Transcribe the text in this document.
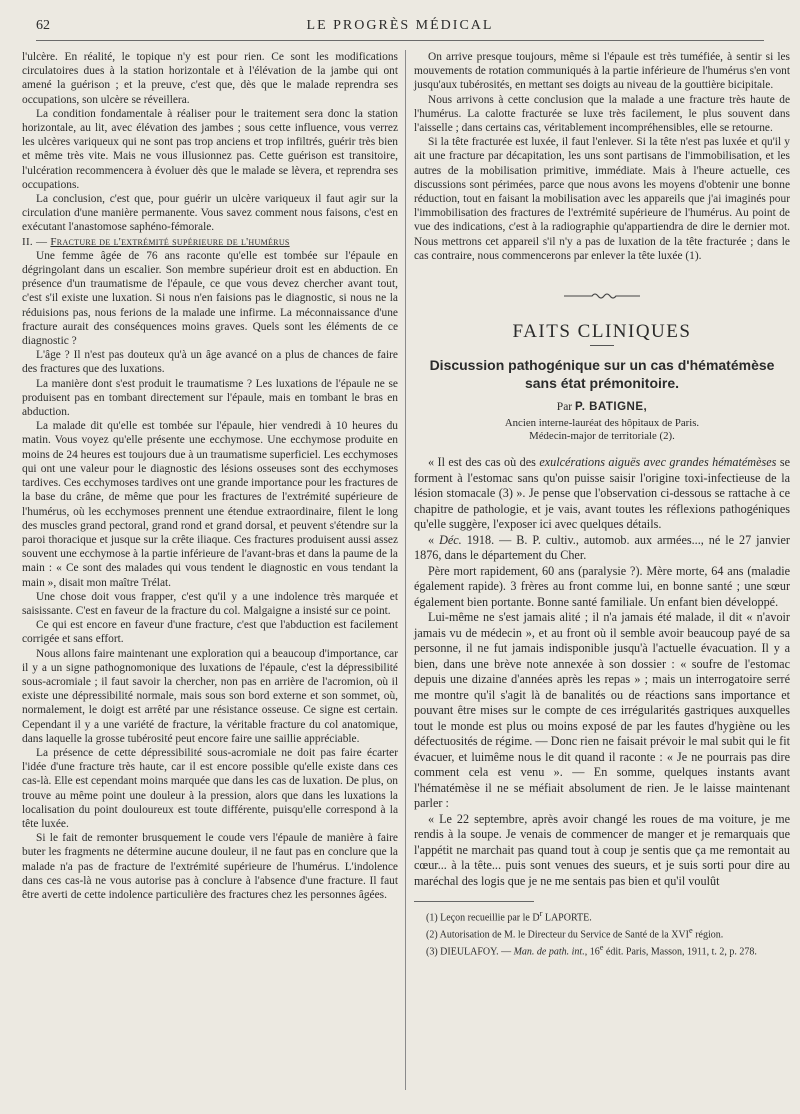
62	LE PROGRÈS MÉDICAL

l'ulcère. En réalité, le topique n'y est pour rien. Ce sont les modifications circulatoires dues à la station horizontale et à l'élévation de la jambe qui ont amené la guérison ; et la preuve, c'est que, dès que le malade reprendra ses occupations, son ulcère se réveillera.

La condition fondamentale à réaliser pour le traitement sera donc la station horizontale, au lit, avec élévation des jambes ; sous cette influence, vous verrez les ulcères variqueux qui ne sont pas trop anciens et trop infiltrés, guérir très bien et même très vite. Mais ne vous illusionnez pas. Cette guérison est transitoire, l'ulcération recommencera à évoluer dès que le malade se lèvera, et reprendra ses occupations.

La conclusion, c'est que, pour guérir un ulcère variqueux il faut agir sur la circulation d'une manière permanente. Vous savez comment nous faisons, c'est en exécutant l'anastomose saphéno-fémorale.

II. — Fracture de l'extrémité supérieure de l'humérus

Une femme âgée de 76 ans raconte qu'elle est tombée sur l'épaule en dégringolant dans un escalier. Son membre supérieur droit est en abduction. En présence d'un traumatisme de l'épaule, ce que vous devez chercher avant tout, c'est s'il existe une luxation. Si nous n'en faisions pas le diagnostic, si nous ne la réduisions pas, nous ferions de la malade une infirme. La méconnaissance d'une fracture aurait des conséquences moins graves. Quels sont les éléments de ce diagnostic ?

L'âge ? Il n'est pas douteux qu'à un âge avancé on a plus de chances de faire des fractures que des luxations.

La manière dont s'est produit le traumatisme ? Les luxations de l'épaule ne se produisent pas en tombant directement sur l'épaule, mais en tombant le bras en abduction.

La malade dit qu'elle est tombée sur l'épaule, hier vendredi à 10 heures du matin. Vous voyez qu'elle présente une ecchymose. Une ecchymose produite en moins de 24 heures est toujours due à un traumatisme superficiel. Les ecchymoses qui ont une valeur pour le diagnostic des lésions osseuses sont des ecchymoses tardives. Ces ecchymoses tardives ont une grande importance pour les fractures de la base du crâne, de même que pour les fractures de l'extrémité supérieure de l'humérus, où les ecchymoses prennent une étendue extraordinaire, filent le long des muscles grand pectoral, grand rond et grand dorsal, et peuvent s'étendre sur la paroi thoracique et jusque sur la crête iliaque. Ces fractures produisent aussi assez souvent une ecchymose à la partie inférieure de l'avant-bras et dans la paume de la main : « Ce sont des malades qui vous tendent le diagnostic en vous tendant la main », disait mon maître Trélat.

Une chose doit vous frapper, c'est qu'il y a une indolence très marquée et saisissante. C'est en faveur de la fracture du col. Malgaigne a insisté sur ce point.

Ce qui est encore en faveur d'une fracture, c'est que l'abduction est facilement corrigée et sans effort.

Nous allons faire maintenant une exploration qui a beaucoup d'importance, car il y a un signe pathognomonique des luxations de l'épaule, c'est la dépressibilité sous-acromiale ; il faut savoir la chercher, non pas en arrière de l'acromion, où il existe une dépressibilité normale, mais sous son bord externe et son sommet, où, normalement, le doigt est arrêté par une résistance osseuse. Ce signe est certain. Cependant il y a une variété de fracture, la véritable fracture du col anatomique, dans laquelle la grosse tubérosité peut encore faire une saillie appréciable.

La présence de cette dépressibilité sous-acromiale ne doit pas faire écarter l'idée d'une fracture très haute, car il est encore possible qu'elle existe dans ces cas-là. Elle est cependant moins marquée que dans les cas de luxation. De plus, on trouve au même point une douleur à la pression, alors que dans les luxations la localisation du point douloureux est toute différente, puisqu'elle correspond à la tête luxée.

Si le fait de remonter brusquement le coude vers l'épaule de manière à faire buter les fragments ne détermine aucune douleur, il ne faut pas en conclure que la malade n'a pas de fracture de l'extrémité supérieure de l'humérus. L'indolence dans ces cas-là ne vous autorise pas à conclure à l'absence d'une fracture. Il faut être averti de cette indolence particulière des fractures chez les personnes âgées.

On arrive presque toujours, même si l'épaule est très tuméfiée, à sentir si les mouvements de rotation communiqués à la partie inférieure de l'humérus s'en vont jusqu'aux tubérosités, en mettant ses doigts au niveau de la gouttière bicipitale.

Nous arrivons à cette conclusion que la malade a une fracture très haute de l'humérus. La calotte fracturée se luxe très facilement, le plus souvent dans l'aisselle ; dans certains cas, véritablement incompréhensibles, elle se retourne.

Si la tête fracturée est luxée, il faut l'enlever. Si la tête n'est pas luxée et qu'il y ait une fracture par décapitation, les uns sont partisans de l'immobilisation, et les autres de la mobilisation primitive, immédiate. Mais à l'heure actuelle, ces discussions sont périmées, parce que nous avons les moyens d'obtenir une bonne réduction, tout en faisant la mobilisation avec les appareils que j'ai imaginés pour l'immobilisation des fractures de l'extrémité supérieure de l'humérus. Au point de vue des indications, c'est à la radiographie qu'appartiendra de dire le dernier mot. Nous mettrons cet appareil s'il n'y a pas de luxation de la tête fracturée ; dans le cas contraire, nous commencerons par enlever la tête luxée (1).

FAITS CLINIQUES
Discussion pathogénique sur un cas d'hématémèse
sans état prémonitoire.
Par P. BATIGNE,
Ancien interne-lauréat des hôpitaux de Paris.
Médecin-major de territoriale (2).

« Il est des cas où des exulcérations aiguës avec grandes hématémèses se forment à l'estomac sans qu'on puisse saisir l'origine toxi-infectieuse de la lésion stomacale (3) ». Je pense que l'observation ci-dessous se rattache à ce chapitre de pathologie, et je vais, avant toutes les réflexions pathogéniques qu'elle suggère, l'exposer ici avec quelques détails.

« Déc. 1918. — B. P. cultiv., automob. aux armées..., né le 27 janvier 1876, dans le département du Cher.

Père mort rapidement, 60 ans (paralysie ?). Mère morte, 64 ans (maladie également rapide). 3 frères au front comme lui, en bonne santé ; une sœur également bien portante. Bonne santé familiale. Un enfant bien développé.

Lui-même ne s'est jamais alité ; il n'a jamais été malade, il dit « n'avoir jamais vu de médecin », et au front où il semble avoir beaucoup payé de sa personne, il ne fut jamais indisponible jusqu'à l'actuelle évacuation. Il y a bien, dans une brève note annexée à son dossier : « soufre de l'estomac depuis une dizaine d'années après les repas » ; mais un interrogatoire serré me montre qu'il s'agit là de banalités ou de réactions sans importance et pouvant être mises sur le compte de ces irrégularités gastriques auxquelles tout le monde est plus ou moins exposé de par les fautes d'hygiène ou les défectuosités de régime. — Donc rien ne faisait prévoir le mal subit qui le fit évacuer, et luimême nous le dit quand il raconte : « Je ne pourrais pas dire comment cela est venu ». — En somme, quelques instants avant l'hématémèse il ne se méfiait absolument de rien. Je le laisse maintenant parler :

« Le 22 septembre, après avoir changé les roues de ma voiture, je me rendis à la soupe. Je venais de commencer de manger et je remarquais que l'appétit ne marchait pas quand tout à coup je sentis que ça me remontait au cœur... à la tête... puis sont venues des sueurs, et je suis sorti pour dire au maréchal des logis que je ne me sentais pas bien et qu'il voulût

(1) Leçon recueillie par le $D^r$ LAPORTE.

(2) Autorisation de M. le Directeur du Service de Santé de la XVIe région.

(3) DIEULAFOY. — Man. de path. int., 16e édit. Paris, Masson, 1911, t. 2, p. 278.
